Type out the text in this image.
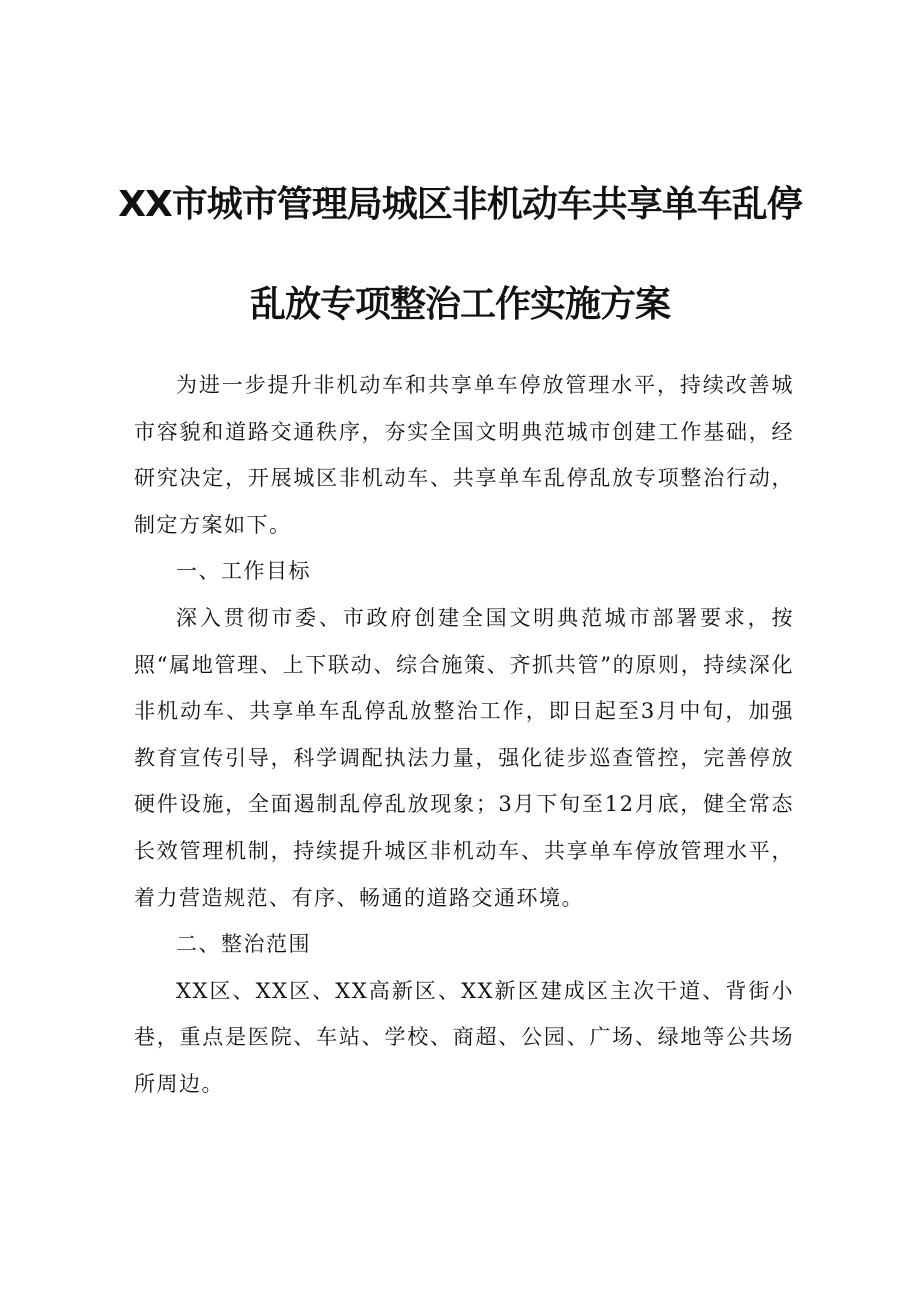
XX市城市管理局城区非机动车共享单车乱停
乱放专项整治工作实施方案

为进一步提升非机动车和共享单车停放管理水平，持续改善城市容貌和道路交通秩序，夯实全国文明典范城市创建工作基础，经研究决定，开展城区非机动车、共享单车乱停乱放专项整治行动，制定方案如下。

一、工作目标

深入贯彻市委、市政府创建全国文明典范城市部署要求，按照“属地管理、上下联动、综合施策、齐抓共管”的原则，持续深化非机动车、共享单车乱停乱放整治工作，即日起至3月中旬，加强教育宣传引导，科学调配执法力量，强化徒步巡查管控，完善停放硬件设施，全面遏制乱停乱放现象；3月下旬至12月底，健全常态长效管理机制，持续提升城区非机动车、共享单车停放管理水平，着力营造规范、有序、畅通的道路交通环境。

二、整治范围

XX区、XX区、XX高新区、XX新区建成区主次干道、背街小巷，重点是医院、车站、学校、商超、公园、广场、绿地等公共场所周边。
